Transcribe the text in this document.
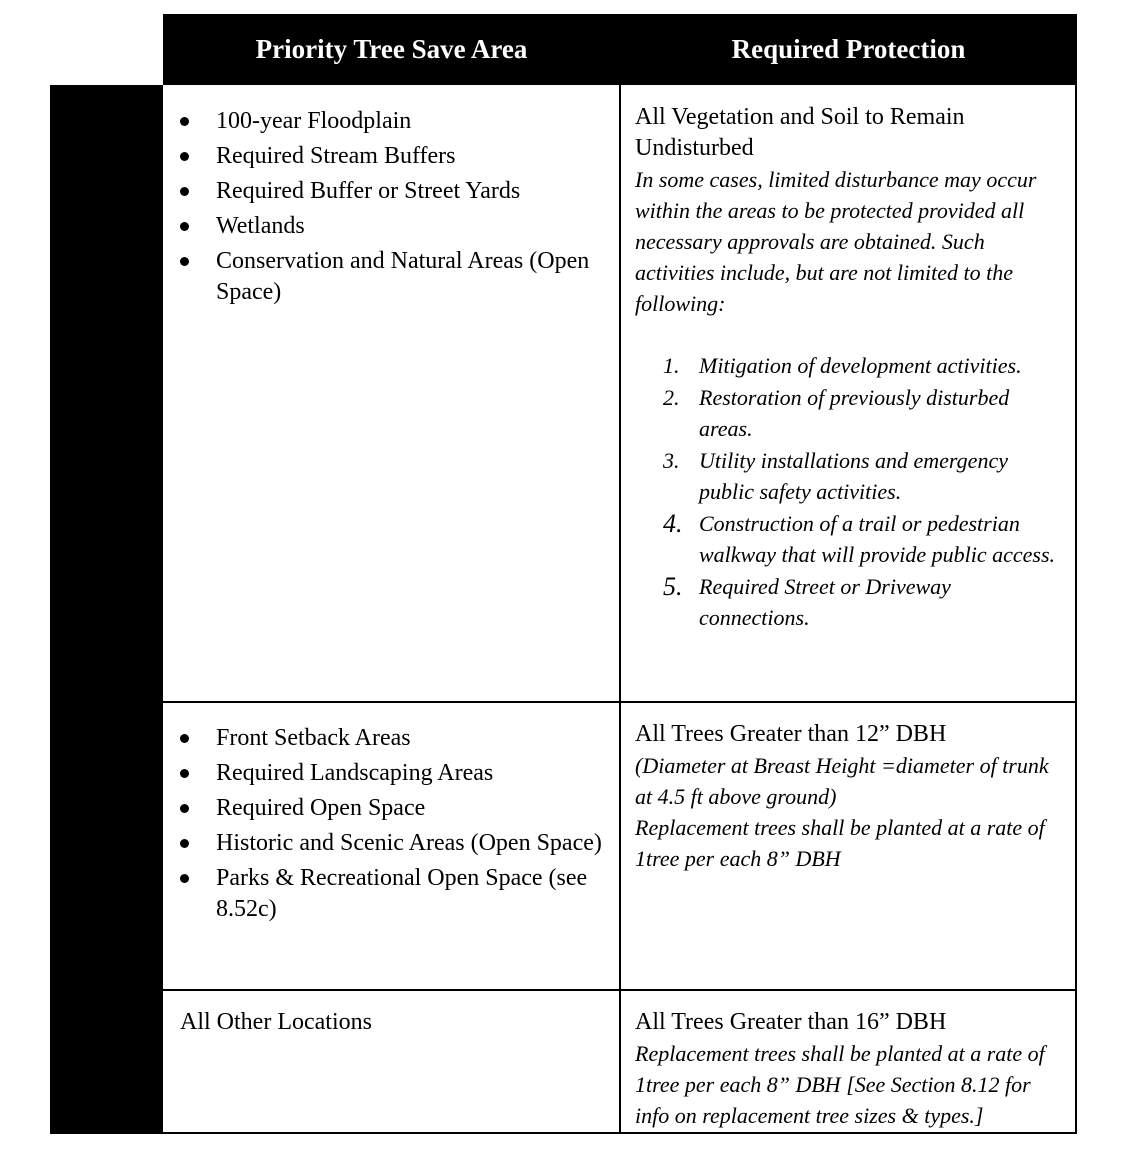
Priority Tree Save Area	Required Protection
100-year Floodplain
Required Stream Buffers
Required Buffer or Street Yards
Wetlands
Conservation and Natural Areas (Open Space)
All Vegetation and Soil to Remain Undisturbed
In some cases, limited disturbance may occur within the areas to be protected provided all necessary approvals are obtained. Such activities include, but are not limited to the following:
1. Mitigation of development activities.
2. Restoration of previously disturbed areas.
3. Utility installations and emergency public safety activities.
4. Construction of a trail or pedestrian walkway that will provide public access.
5. Required Street or Driveway connections.
Front Setback Areas
Required Landscaping Areas
Required Open Space
Historic and Scenic Areas (Open Space)
Parks & Recreational Open Space (see 8.52c)
All Trees Greater than 12” DBH
(Diameter at Breast Height =diameter of trunk at 4.5 ft above ground)
Replacement trees shall be planted at a rate of 1tree per each 8” DBH
All Other Locations	All Trees Greater than 16” DBH
Replacement trees shall be planted at a rate of 1tree per each 8” DBH [See Section 8.12 for info on replacement tree sizes & types.]
